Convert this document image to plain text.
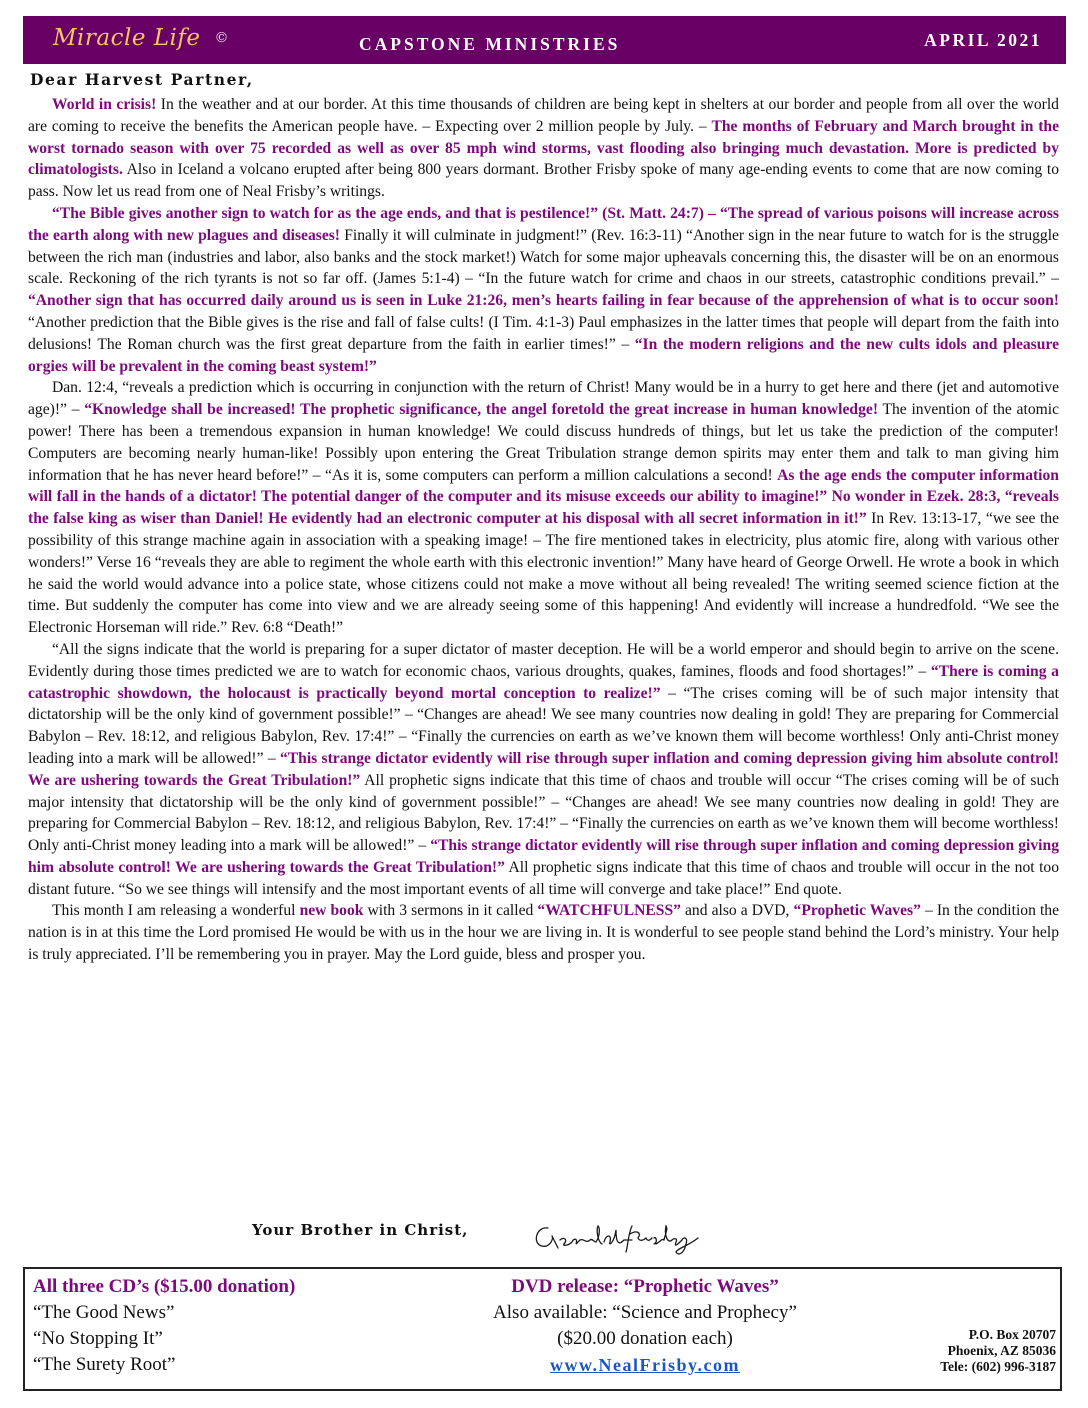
Miracle Life ©	CAPSTONE MINISTRIES	APRIL 2021
Dear Harvest Partner,

World in crisis! In the weather and at our border. At this time thousands of children are being kept in shelters at our border and people from all over the world are coming to receive the benefits the American people have. – Expecting over 2 million people by July. – The months of February and March brought in the worst tornado season with over 75 recorded as well as over 85 mph wind storms, vast flooding also bringing much devastation. More is predicted by climatologists. Also in Iceland a volcano erupted after being 800 years dormant. Brother Frisby spoke of many age-ending events to come that are now coming to pass. Now let us read from one of Neal Frisby’s writings.

“The Bible gives another sign to watch for as the age ends, and that is pestilence!” (St. Matt. 24:7) – “The spread of various poisons will increase across the earth along with new plagues and diseases! Finally it will culminate in judgment!” (Rev. 16:3-11) “Another sign in the near future to watch for is the struggle between the rich man (industries and labor, also banks and the stock market!) Watch for some major upheavals concerning this, the disaster will be on an enormous scale. Reckoning of the rich tyrants is not so far off. (James 5:1-4) – “In the future watch for crime and chaos in our streets, catastrophic conditions prevail.” – “Another sign that has occurred daily around us is seen in Luke 21:26, men’s hearts failing in fear because of the apprehension of what is to occur soon! “Another prediction that the Bible gives is the rise and fall of false cults! (I Tim. 4:1-3) Paul emphasizes in the latter times that people will depart from the faith into delusions! The Roman church was the first great departure from the faith in earlier times!” – “In the modern religions and the new cults idols and pleasure orgies will be prevalent in the coming beast system!”

Dan. 12:4, “reveals a prediction which is occurring in conjunction with the return of Christ! Many would be in a hurry to get here and there (jet and automotive age)!” – “Knowledge shall be increased! The prophetic significance, the angel foretold the great increase in human knowledge! The invention of the atomic power! There has been a tremendous expansion in human knowledge! We could discuss hundreds of things, but let us take the prediction of the computer! Computers are becoming nearly human-like! Possibly upon entering the Great Tribulation strange demon spirits may enter them and talk to man giving him information that he has never heard before!” – “As it is, some computers can perform a million calculations a second! As the age ends the computer information will fall in the hands of a dictator! The potential danger of the computer and its misuse exceeds our ability to imagine!” No wonder in Ezek. 28:3, “reveals the false king as wiser than Daniel! He evidently had an electronic computer at his disposal with all secret information in it!” In Rev. 13:13-17, “we see the possibility of this strange machine again in association with a speaking image! – The fire mentioned takes in electricity, plus atomic fire, along with various other wonders!” Verse 16 “reveals they are able to regiment the whole earth with this electronic invention!” Many have heard of George Orwell. He wrote a book in which he said the world would advance into a police state, whose citizens could not make a move without all being revealed! The writing seemed science fiction at the time. But suddenly the computer has come into view and we are already seeing some of this happening! And evidently will increase a hundredfold. “We see the Electronic Horseman will ride.” Rev. 6:8 “Death!”

“All the signs indicate that the world is preparing for a super dictator of master deception. He will be a world emperor and should begin to arrive on the scene. Evidently during those times predicted we are to watch for economic chaos, various droughts, quakes, famines, floods and food shortages!” – “There is coming a catastrophic showdown, the holocaust is practically beyond mortal conception to realize!” – “The crises coming will be of such major intensity that dictatorship will be the only kind of government possible!” – “Changes are ahead! We see many countries now dealing in gold! They are preparing for Commercial Babylon – Rev. 18:12, and religious Babylon, Rev. 17:4!” – “Finally the currencies on earth as we’ve known them will become worthless! Only anti-Christ money leading into a mark will be allowed!” – “This strange dictator evidently will rise through super inflation and coming depression giving him absolute control! We are ushering towards the Great Tribulation!” All prophetic signs indicate that this time of chaos and trouble will occur “The crises coming will be of such major intensity that dictatorship will be the only kind of government possible!” – “Changes are ahead! We see many countries now dealing in gold! They are preparing for Commercial Babylon – Rev. 18:12, and religious Babylon, Rev. 17:4!” – “Finally the currencies on earth as we’ve known them will become worthless! Only anti-Christ money leading into a mark will be allowed!” – “This strange dictator evidently will rise through super inflation and coming depression giving him absolute control! We are ushering towards the Great Tribulation!” All prophetic signs indicate that this time of chaos and trouble will occur in the not too distant future. “So we see things will intensify and the most important events of all time will converge and take place!” End quote.

This month I am releasing a wonderful new book with 3 sermons in it called “WATCHFULNESS” and also a DVD, “Prophetic Waves” – In the condition the nation is in at this time the Lord promised He would be with us in the hour we are living in. It is wonderful to see people stand behind the Lord’s ministry. Your help is truly appreciated. I’ll be remembering you in prayer. May the Lord guide, bless and prosper you.

Your Brother in Christ,
All three CD’s ($15.00 donation)
“The Good News”
“No Stopping It”
“The Surety Root”
DVD release: “Prophetic Waves”
Also available: “Science and Prophecy”
($20.00 donation each)
www.NealFrisby.com
P.O. Box 20707
Phoenix, AZ 85036
Tele: (602) 996-3187
